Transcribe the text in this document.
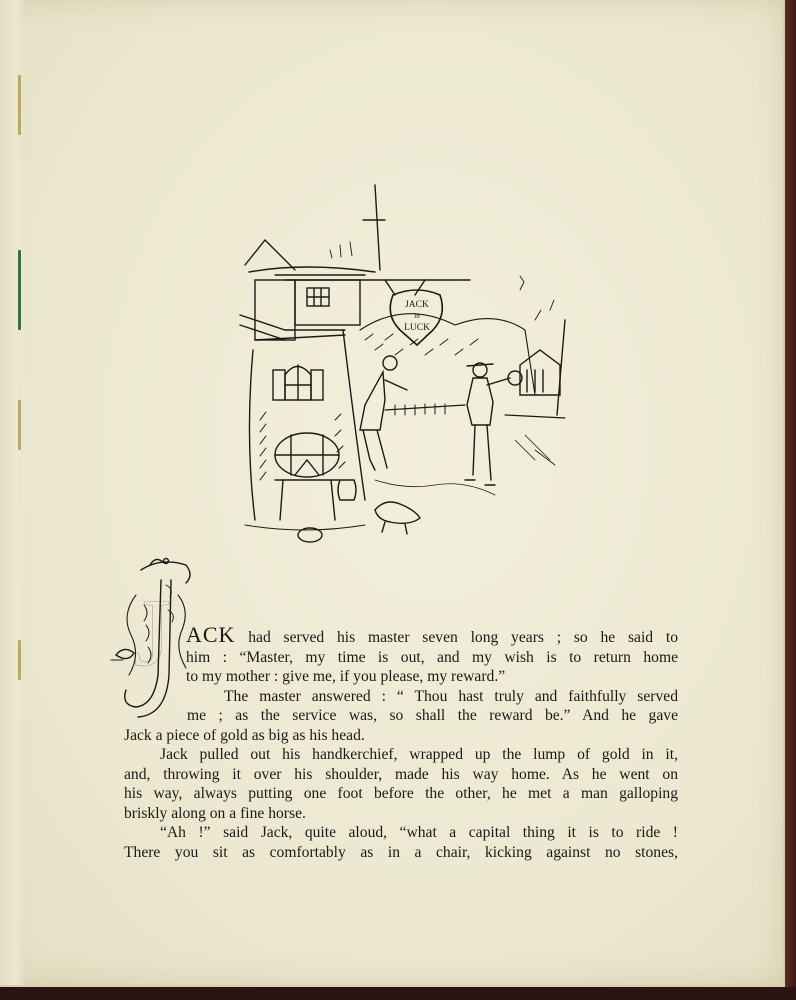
JACK
in
LUCK
J ACK had served his master seven long years ; so he said to
him : “Master, my time is out, and my wish is to return home
to my mother : give me, if you please, my reward.”
The master answered : “ Thou hast truly and faithfully served
me ; as the service was, so shall the reward be.” And he gave
Jack a piece of gold as big as his head.
Jack pulled out his handkerchief, wrapped up the lump of gold in it,
and, throwing it over his shoulder, made his way home. As he went on
his way, always putting one foot before the other, he met a man galloping
briskly along on a fine horse.
“Ah !” said Jack, quite aloud, “what a capital thing it is to ride !
There you sit as comfortably as in a chair, kicking against no stones,
